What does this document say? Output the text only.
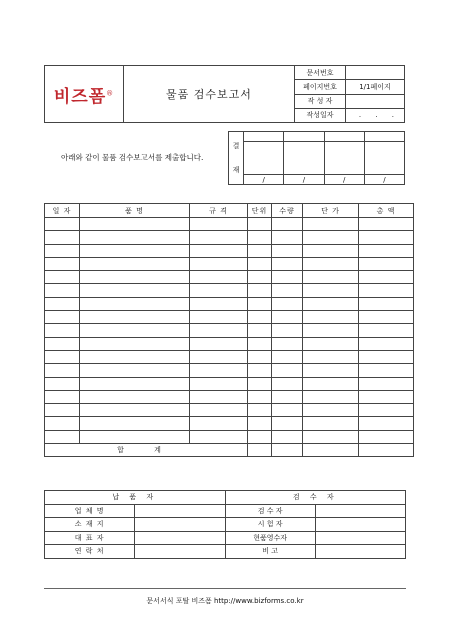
비즈폼®	물품 검수보고서	문서번호	
		페이지번호	1/1페이지
		작 성 자	
		작성일자	. . .
아래와 같이 물품 검수보고서를 제출합니다.
결
재				

	/	/	/	/
일 자	품 명	규 격	단위	수량	단 가	총 액

합 계						
납 품 자		검 수 자	
업 체 명		검 수 자	
소 재 지		시 험 자	
대 표 자		현품영수자	
연 락 처		비 고	
문서서식 포탈 비즈폼 http://www.bizforms.co.kr
